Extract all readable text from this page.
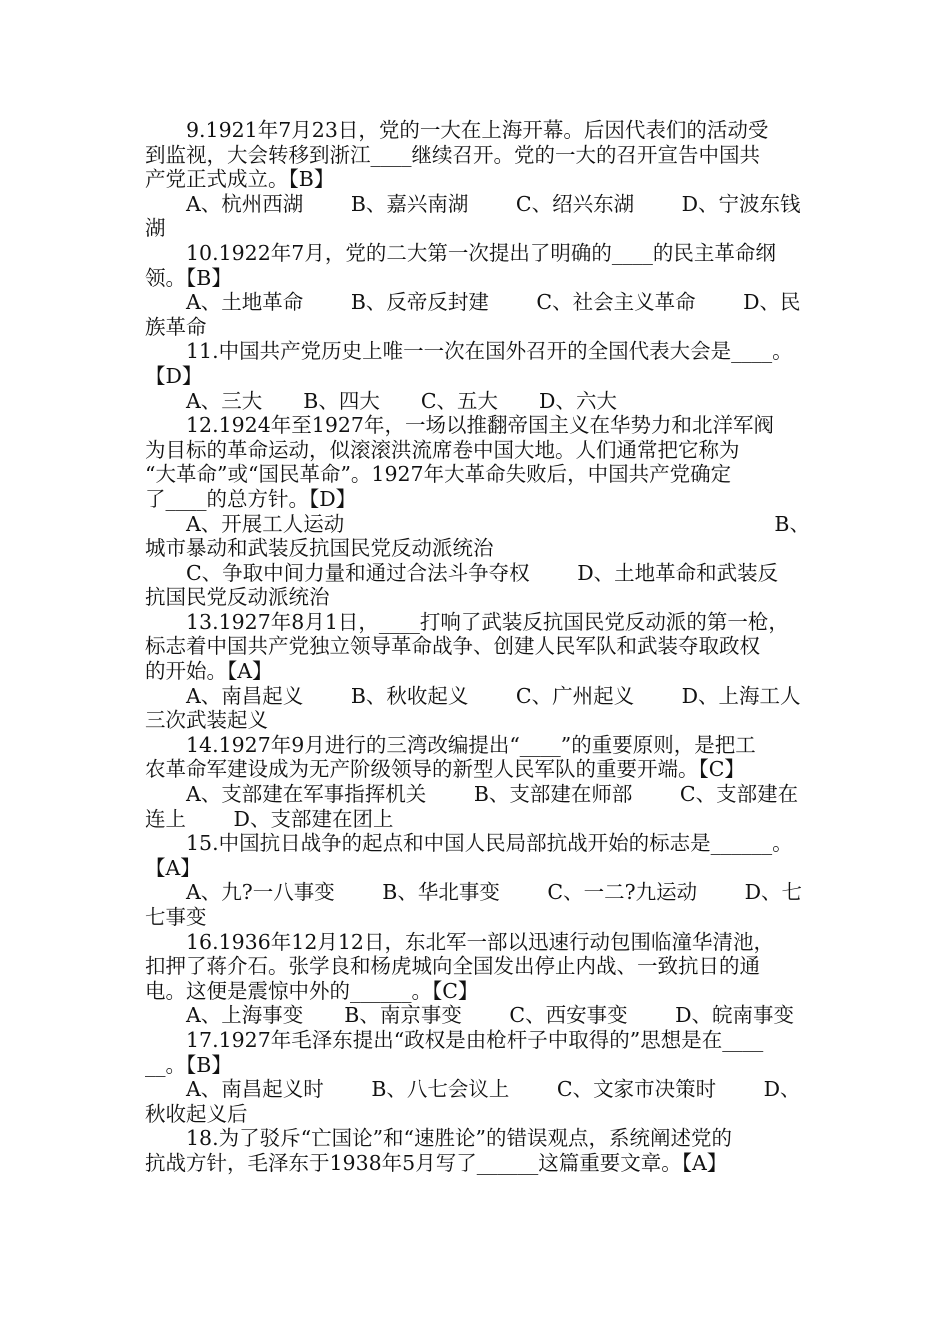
9.1921年7月23日，党的一大在上海开幕。后因代表们的活动受
到监视，大会转移到浙江____继续召开。党的一大的召开宣告中国共
产党正式成立。【B】
A、杭州西湖　　 B、嘉兴南湖　　 C、绍兴东湖　　 D、宁波东钱
湖
10.1922年7月，党的二大第一次提出了明确的____的民主革命纲
领。【B】
A、土地革命　　 B、反帝反封建　　 C、社会主义革命　　 D、民
族革命
11.中国共产党历史上唯一一次在国外召开的全国代表大会是____。
【D】
A、三大　　B、四大　　C、五大　　D、六大
12.1924年至1927年，一场以推翻帝国主义在华势力和北洋军阀
为目标的革命运动，似滚滚洪流席卷中国大地。人们通常把它称为
“大革命”或“国民革命”。1927年大革命失败后，中国共产党确定
了____的总方针。【D】
A、开展工人运动	B、
城市暴动和武装反抗国民党反动派统治
C、争取中间力量和通过合法斗争夺权　　 D、土地革命和武装反
抗国民党反动派统治
13.1927年8月1日，____打响了武装反抗国民党反动派的第一枪，
标志着中国共产党独立领导革命战争、创建人民军队和武装夺取政权
的开始。【A】
A、南昌起义　　 B、秋收起义　　 C、广州起义　　 D、上海工人
三次武装起义
14.1927年9月进行的三湾改编提出“____”的重要原则，是把工
农革命军建设成为无产阶级领导的新型人民军队的重要开端。【C】
A、支部建在军事指挥机关　　 B、支部建在师部　　 C、支部建在
连上　　 D、支部建在团上
15.中国抗日战争的起点和中国人民局部抗战开始的标志是______。
【A】
A、九?一八事变　　 B、华北事变　　 C、一二?九运动　　 D、七
七事变
16.1936年12月12日，东北军一部以迅速行动包围临潼华清池，
扣押了蒋介石。张学良和杨虎城向全国发出停止内战、一致抗日的通
电。这便是震惊中外的______。【C】
A、上海事变　　B、南京事变　　 C、西安事变　　 D、皖南事变
17.1927年毛泽东提出“政权是由枪杆子中取得的”思想是在____
__。【B】
A、南昌起义时　　 B、八七会议上　　 C、文家市决策时　　 D、
秋收起义后
18.为了驳斥“亡国论”和“速胜论”的错误观点，系统阐述党的
抗战方针，毛泽东于1938年5月写了______这篇重要文章。【A】
